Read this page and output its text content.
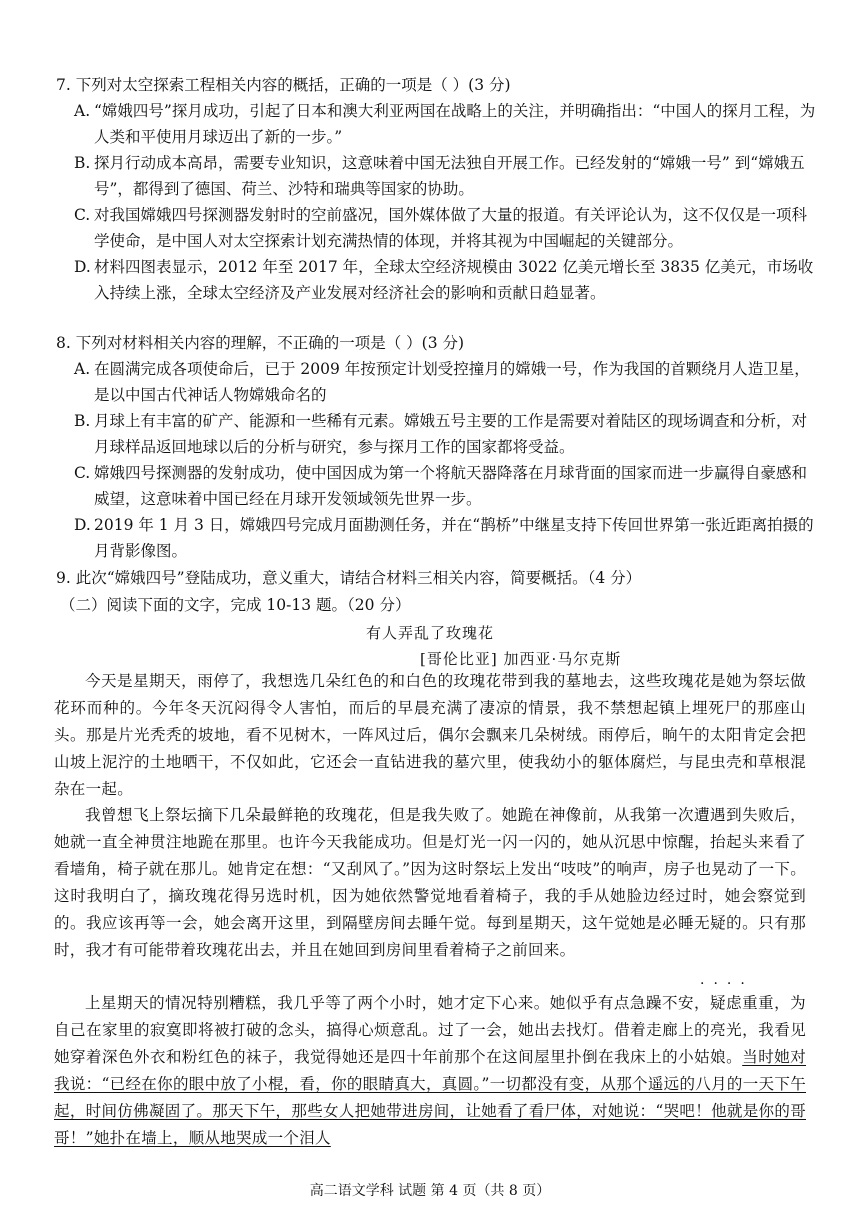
7. 下列对太空探索工程相关内容的概括，正确的一项是（ ）(3 分)
A. “嫦娥四号”探月成功，引起了日本和澳大利亚两国在战略上的关注，并明确指出：“中国人的探月工程，为人类和平使用月球迈出了新的一步。”
B. 探月行动成本高昂，需要专业知识，这意味着中国无法独自开展工作。已经发射的“嫦娥一号” 到“嫦娥五号”，都得到了德国、荷兰、沙特和瑞典等国家的协助。
C. 对我国嫦娥四号探测器发射时的空前盛况，国外媒体做了大量的报道。有关评论认为，这不仅仅是一项科学使命，是中国人对太空探索计划充满热情的体现，并将其视为中国崛起的关键部分。
D. 材料四图表显示，2012 年至 2017 年，全球太空经济规模由 3022 亿美元增长至 3835 亿美元，市场收入持续上涨，全球太空经济及产业发展对经济社会的影响和贡献日趋显著。
8. 下列对材料相关内容的理解，不正确的一项是（ ）(3 分)
A. 在圆满完成各项使命后，已于 2009 年按预定计划受控撞月的嫦娥一号，作为我国的首颗绕月人造卫星，是以中国古代神话人物嫦娥命名的
B. 月球上有丰富的矿产、能源和一些稀有元素。嫦娥五号主要的工作是需要对着陆区的现场调查和分析，对月球样品返回地球以后的分析与研究，参与探月工作的国家都将受益。
C. 嫦娥四号探测器的发射成功，使中国因成为第一个将航天器降落在月球背面的国家而进一步赢得自豪感和威望，这意味着中国已经在月球开发领域领先世界一步。
D. 2019 年 1 月 3 日，嫦娥四号完成月面勘测任务，并在“鹊桥”中继星支持下传回世界第一张近距离拍摄的月背影像图。
9. 此次“嫦娥四号”登陆成功，意义重大，请结合材料三相关内容，简要概括。（4 分）
（二）阅读下面的文字，完成 10-13 题。（20 分）
有人弄乱了玫瑰花
[哥伦比亚] 加西亚·马尔克斯
今天是星期天，雨停了，我想选几朵红色的和白色的玫瑰花带到我的墓地去，这些玫瑰花是她为祭坛做花环而种的。今年冬天沉闷得令人害怕，而后的早晨充满了凄凉的情景，我不禁想起镇上埋死尸的那座山头。那是片光秃秃的坡地，看不见树木，一阵风过后，偶尔会飘来几朵树绒。雨停后，晌午的太阳肯定会把山坡上泥泞的土地晒干，不仅如此，它还会一直钻进我的墓穴里，使我幼小的躯体腐烂，与昆虫壳和草根混杂在一起。
我曾想飞上祭坛摘下几朵最鲜艳的玫瑰花，但是我失败了。她跪在神像前，从我第一次遭遇到失败后，她就一直全神贯注地跪在那里。也许今天我能成功。但是灯光一闪一闪的，她从沉思中惊醒，抬起头来看了看墙角，椅子就在那儿。她肯定在想：“又刮风了。”因为这时祭坛上发出“吱吱”的响声，房子也晃动了一下。这时我明白了，摘玫瑰花得另选时机，因为她依然警觉地看着椅子，我的手从她脸边经过时，她会察觉到的。我应该再等一会，她会离开这里，到隔壁房间去睡午觉。每到星期天，这午觉她是必睡无疑的。只有那时，我才有可能带着玫瑰花出去，并且在她回到房间里看着椅子之前回来。
····
上星期天的情况特别糟糕，我几乎等了两个小时，她才定下心来。她似乎有点急躁不安，疑虑重重，为自己在家里的寂寞即将被打破的念头，搞得心烦意乱。过了一会，她出去找灯。借着走廊上的亮光，我看见她穿着深色外衣和粉红色的袜子，我觉得她还是四十年前那个在这间屋里扑倒在我床上的小姑娘。当时她对我说：“已经在你的眼中放了小棍，看，你的眼睛真大，真圆。”一切都没有变，从那个遥远的八月的一天下午起，时间仿佛凝固了。那天下午，那些女人把她带进房间，让她看了看尸体，对她说：“哭吧！他就是你的哥哥！”她扑在墙上，顺从地哭成一个泪人
高二语文学科 试题 第 4 页（共 8 页）
